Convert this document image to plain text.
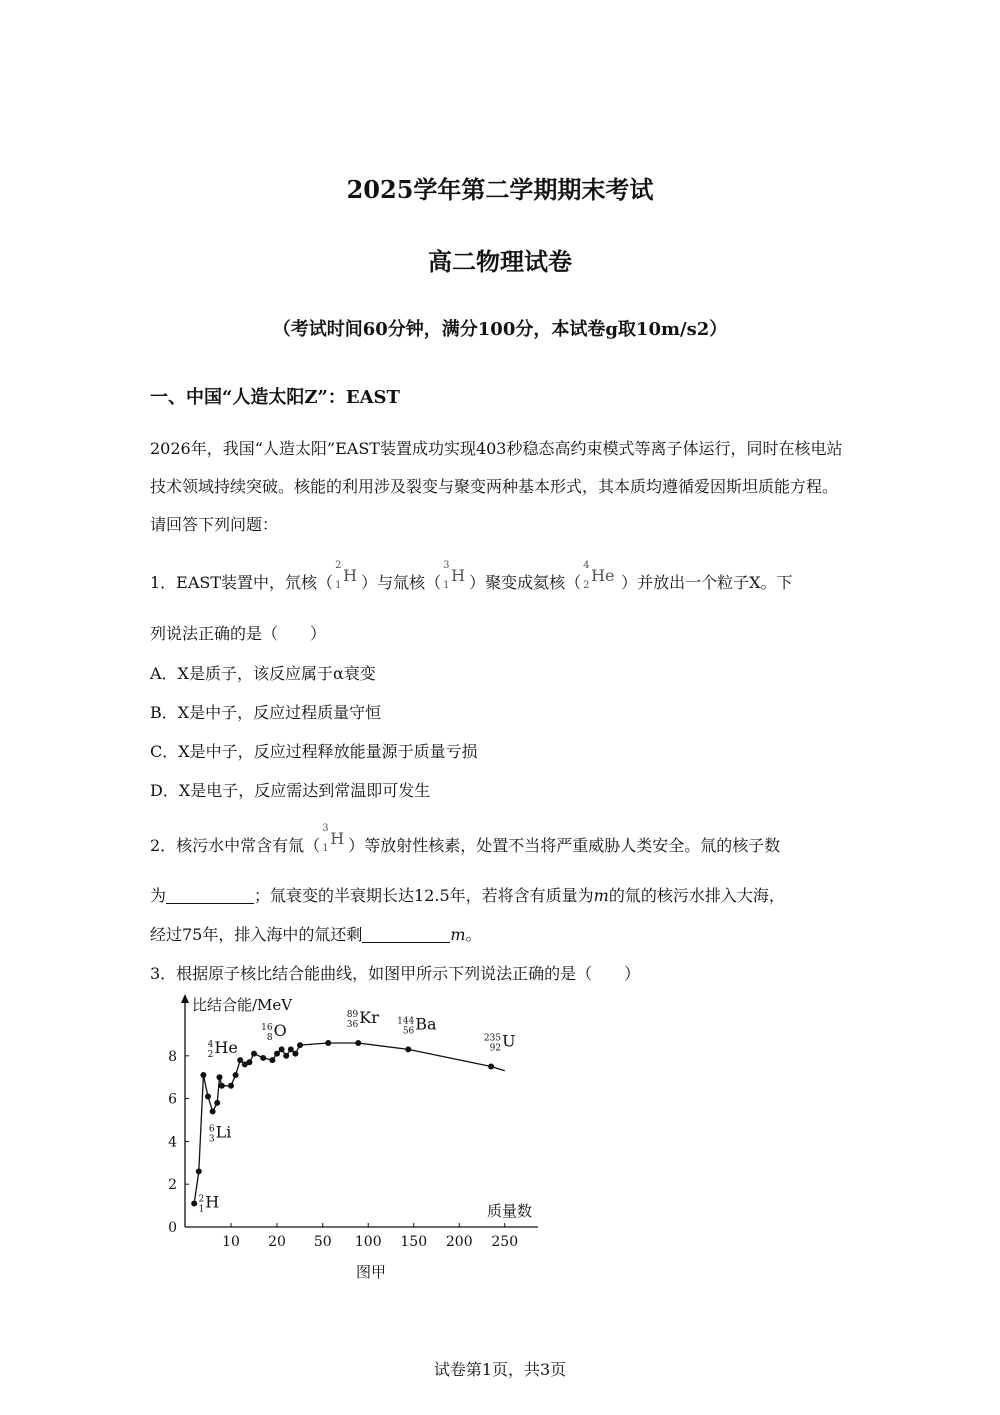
2025学年第二学期期末考试
高二物理试卷
（考试时间60分钟，满分100分，本试卷g取10m/s2）
一、中国“人造太阳Z”：EAST
2026年，我国“人造太阳”EAST装置成功实现403秒稳态高约束模式等离子体运行，同时在核电站技术领域持续突破。核能的利用涉及裂变与聚变两种基本形式，其本质均遵循爱因斯坦质能方程。请回答下列问题：
1．EAST装置中，氘核（
2
1
H ）与氚核（
3
1
H ）聚变成氦核（
4
2
He ）并放出一个粒子X。下
列说法正确的是（　　）
A．X是质子，该反应属于α衰变
B．X是中子，反应过程质量守恒
C．X是中子，反应过程释放能量源于质量亏损
D．X是电子，反应需达到常温即可发生
2．核污水中常含有氚（
3
1
H ）等放射性核素，处置不当将严重威胁人类安全。氚的核子数
为	；氚衰变的半衰期长达12.5年，若将含有质量为m的氚的核污水排入大海，
经过75年，排入海中的氚还剩	m。
3．根据原子核比结合能曲线，如图甲所示下列说法正确的是（　　）
比结合能/MeV
质量数
图甲
10 20 50 100 150 200 250
0
2
4
6
8
2
1 H
4
2 He
6
3 Li
16
8 O
89
36 Kr 144
56 Ba
235
92 U
试卷第1页，共3页
